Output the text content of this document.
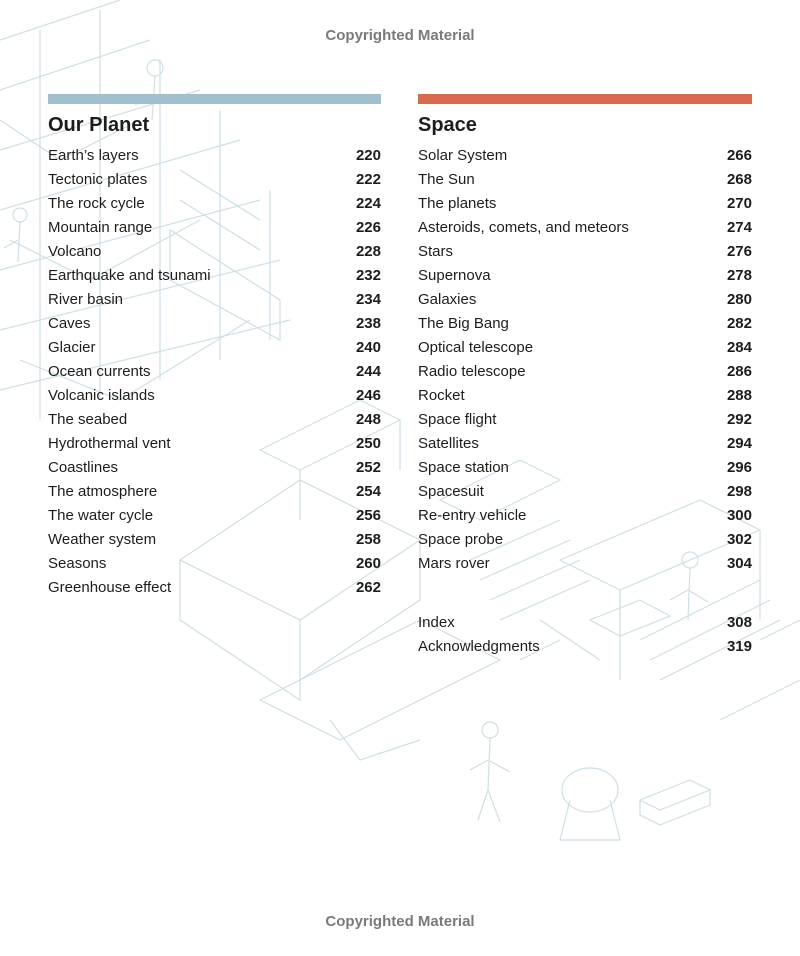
Copyrighted Material
Our Planet
Earth’s layers	220
Tectonic plates	222
The rock cycle	224
Mountain range	226
Volcano	228
Earthquake and tsunami	232
River basin	234
Caves	238
Glacier	240
Ocean currents	244
Volcanic islands	246
The seabed	248
Hydrothermal vent	250
Coastlines	252
The atmosphere	254
The water cycle	256
Weather system	258
Seasons	260
Greenhouse effect	262
Space
Solar System	266
The Sun	268
The planets	270
Asteroids, comets, and meteors	274
Stars	276
Supernova	278
Galaxies	280
The Big Bang	282
Optical telescope	284
Radio telescope	286
Rocket	288
Space flight	292
Satellites	294
Space station	296
Spacesuit	298
Re-entry vehicle	300
Space probe	302
Mars rover	304
Index	308
Acknowledgments	319
Copyrighted Material
